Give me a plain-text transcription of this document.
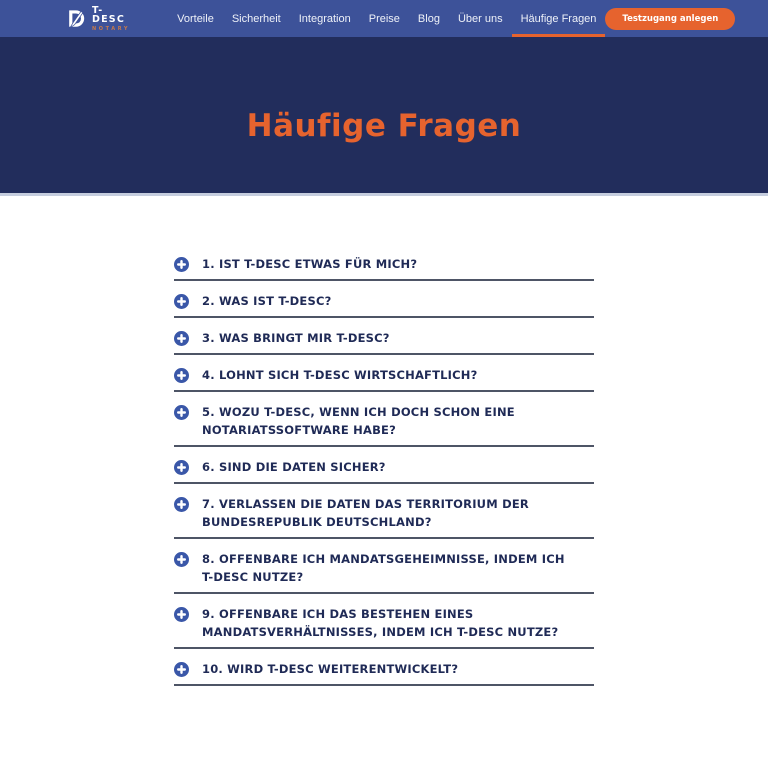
T-DESC
NOTARY
Vorteile	Sicherheit	Integration	Preise	Blog	Über uns	Häufige Fragen	Testzugang anlegen
Häufige Fragen
1. IST T-DESC ETWAS FÜR MICH?
2. WAS IST T-DESC?
3. WAS BRINGT MIR T-DESC?
4. LOHNT SICH T-DESC WIRTSCHAFTLICH?
5. WOZU T-DESC, WENN ICH DOCH SCHON EINE NOTARIATSSOFTWARE HABE?
6. SIND DIE DATEN SICHER?
7. VERLASSEN DIE DATEN DAS TERRITORIUM DER BUNDESREPUBLIK DEUTSCHLAND?
8. OFFENBARE ICH MANDATSGEHEIMNISSE, INDEM ICH T-DESC NUTZE?
9. OFFENBARE ICH DAS BESTEHEN EINES MANDATSVERHÄLTNISSES, INDEM ICH T-DESC NUTZE?
10. WIRD T-DESC WEITERENTWICKELT?
